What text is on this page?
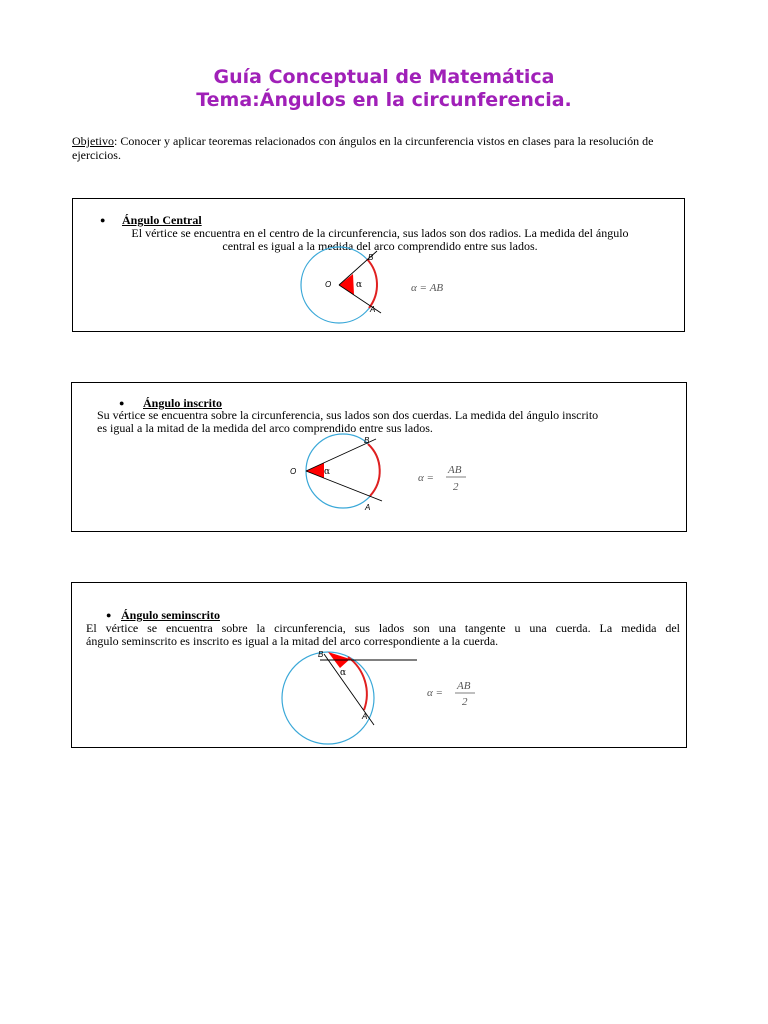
Guía Conceptual de Matemática
Tema:Ángulos en la circunferencia.
Objetivo: Conocer y aplicar teoremas relacionados con ángulos en la circunferencia vistos en clases para la resolución de ejercicios.
● Ángulo Central
El vértice se encuentra en el centro de la circunferencia, sus lados son dos radios. La medida del ángulo
central es igual a la medida del arco comprendido entre sus lados.
O
B
A
α	α = AB
● Ángulo inscrito
Su vértice se encuentra sobre la circunferencia, sus lados son dos cuerdas. La medida del ángulo inscrito
es igual a la mitad de la medida del arco comprendido entre sus lados.
O
B
A
α	α =
AB
2
● Ángulo seminscrito
El vértice se encuentra sobre la circunferencia, sus lados son una tangente u una cuerda. La medida del
ángulo seminscrito es inscrito es igual a la mitad del arco correspondiente a la cuerda.
B
A
α
α =
AB
2
